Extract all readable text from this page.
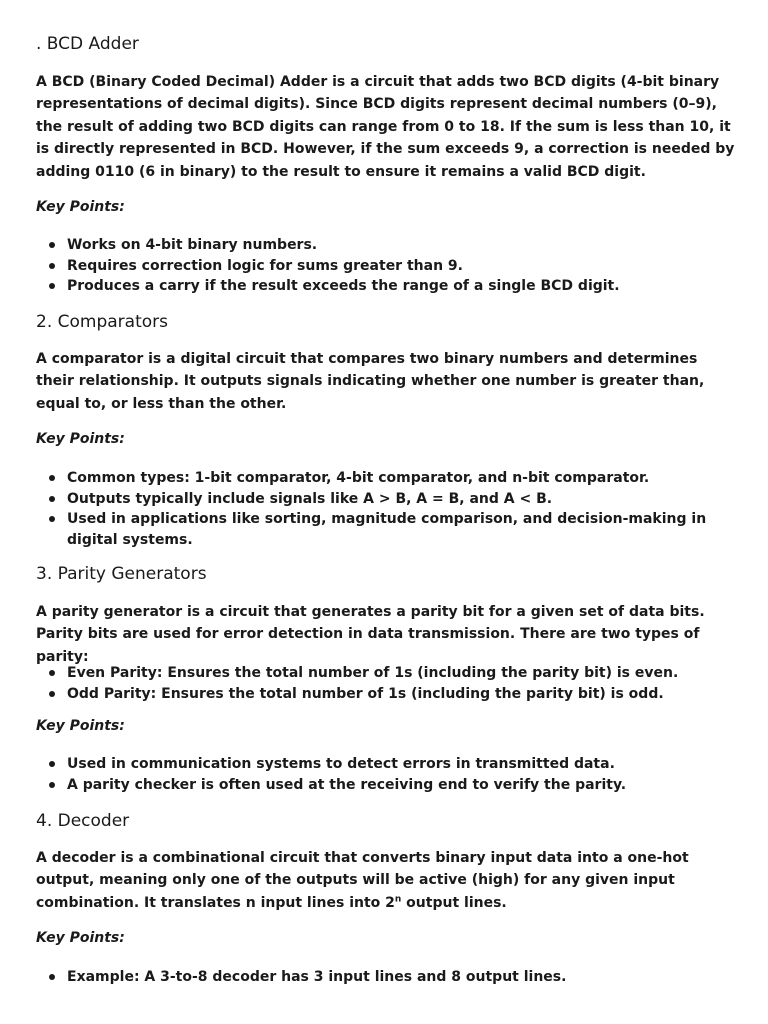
. BCD Adder

A BCD (Binary Coded Decimal) Adder is a circuit that adds two BCD digits (4-bit binary representations of decimal digits). Since BCD digits represent decimal numbers (0–9), the result of adding two BCD digits can range from 0 to 18. If the sum is less than 10, it is directly represented in BCD. However, if the sum exceeds 9, a correction is needed by adding 0110 (6 in binary) to the result to ensure it remains a valid BCD digit.

Key Points:

Works on 4-bit binary numbers.
Requires correction logic for sums greater than 9.
Produces a carry if the result exceeds the range of a single BCD digit.
2. Comparators

A comparator is a digital circuit that compares two binary numbers and determines their relationship. It outputs signals indicating whether one number is greater than, equal to, or less than the other.

Key Points:

Common types: 1-bit comparator, 4-bit comparator, and n-bit comparator.
Outputs typically include signals like A > B, A = B, and A < B.
Used in applications like sorting, magnitude comparison, and decision-making in digital systems.
3. Parity Generators

A parity generator is a circuit that generates a parity bit for a given set of data bits. Parity bits are used for error detection in data transmission. There are two types of parity:

Even Parity: Ensures the total number of 1s (including the parity bit) is even.
Odd Parity: Ensures the total number of 1s (including the parity bit) is odd.

Key Points:

Used in communication systems to detect errors in transmitted data.
A parity checker is often used at the receiving end to verify the parity.
4. Decoder

A decoder is a combinational circuit that converts binary input data into a one-hot output, meaning only one of the outputs will be active (high) for any given input combination. It translates n input lines into 2$^n$ output lines.

Key Points:

Example: A 3-to-8 decoder has 3 input lines and 8 output lines.
